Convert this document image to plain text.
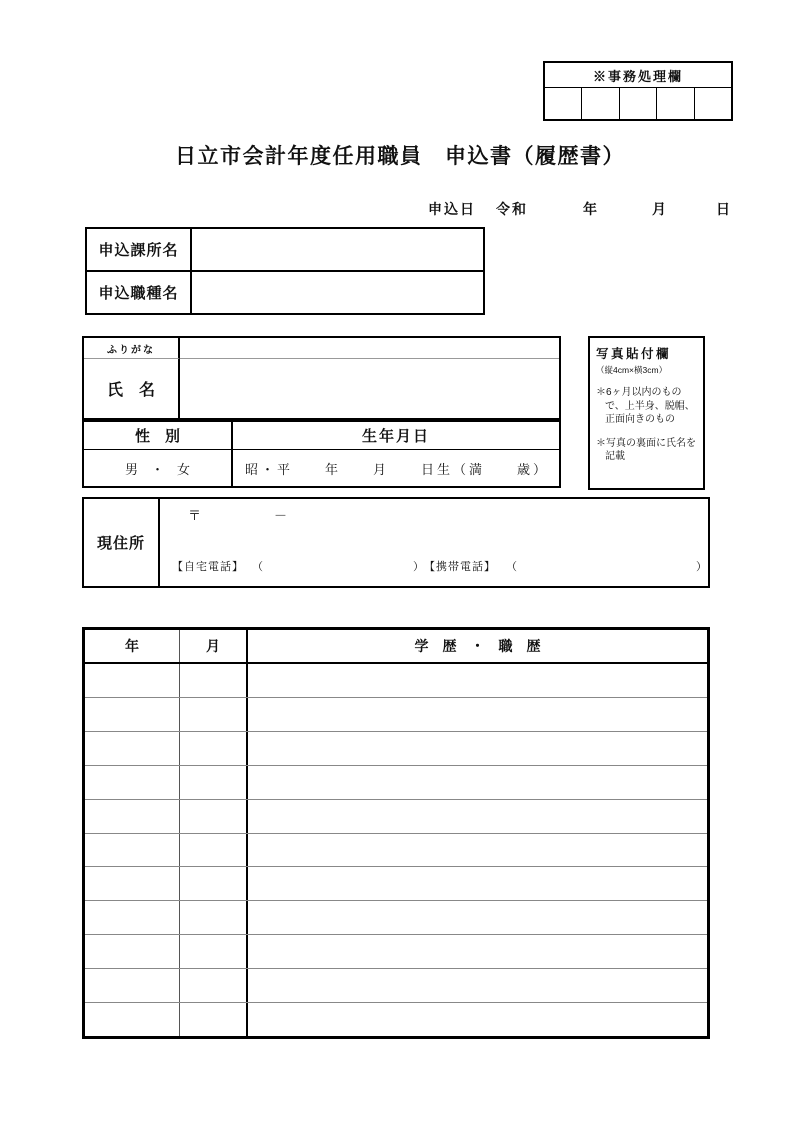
※事務処理欄
日立市会計年度任用職員　申込書（履歴書）
申込日 令和	年	月	日
申込課所名
申込職種名
ふりがな
氏　名
性　別	生年月日
男　・　女	昭・平　　年　　月　　日生（満　　歳）
写真貼付欄
（縦4cm×横3cm）
＊6ヶ月以内のもので、上半身、脱帽、正面向きのもの
＊写真の裏面に氏名を記載
現住所
〒	－
【自宅電話】 （	） 【携帯電話】 （	）
年	月	学　歴　・　職　歴
